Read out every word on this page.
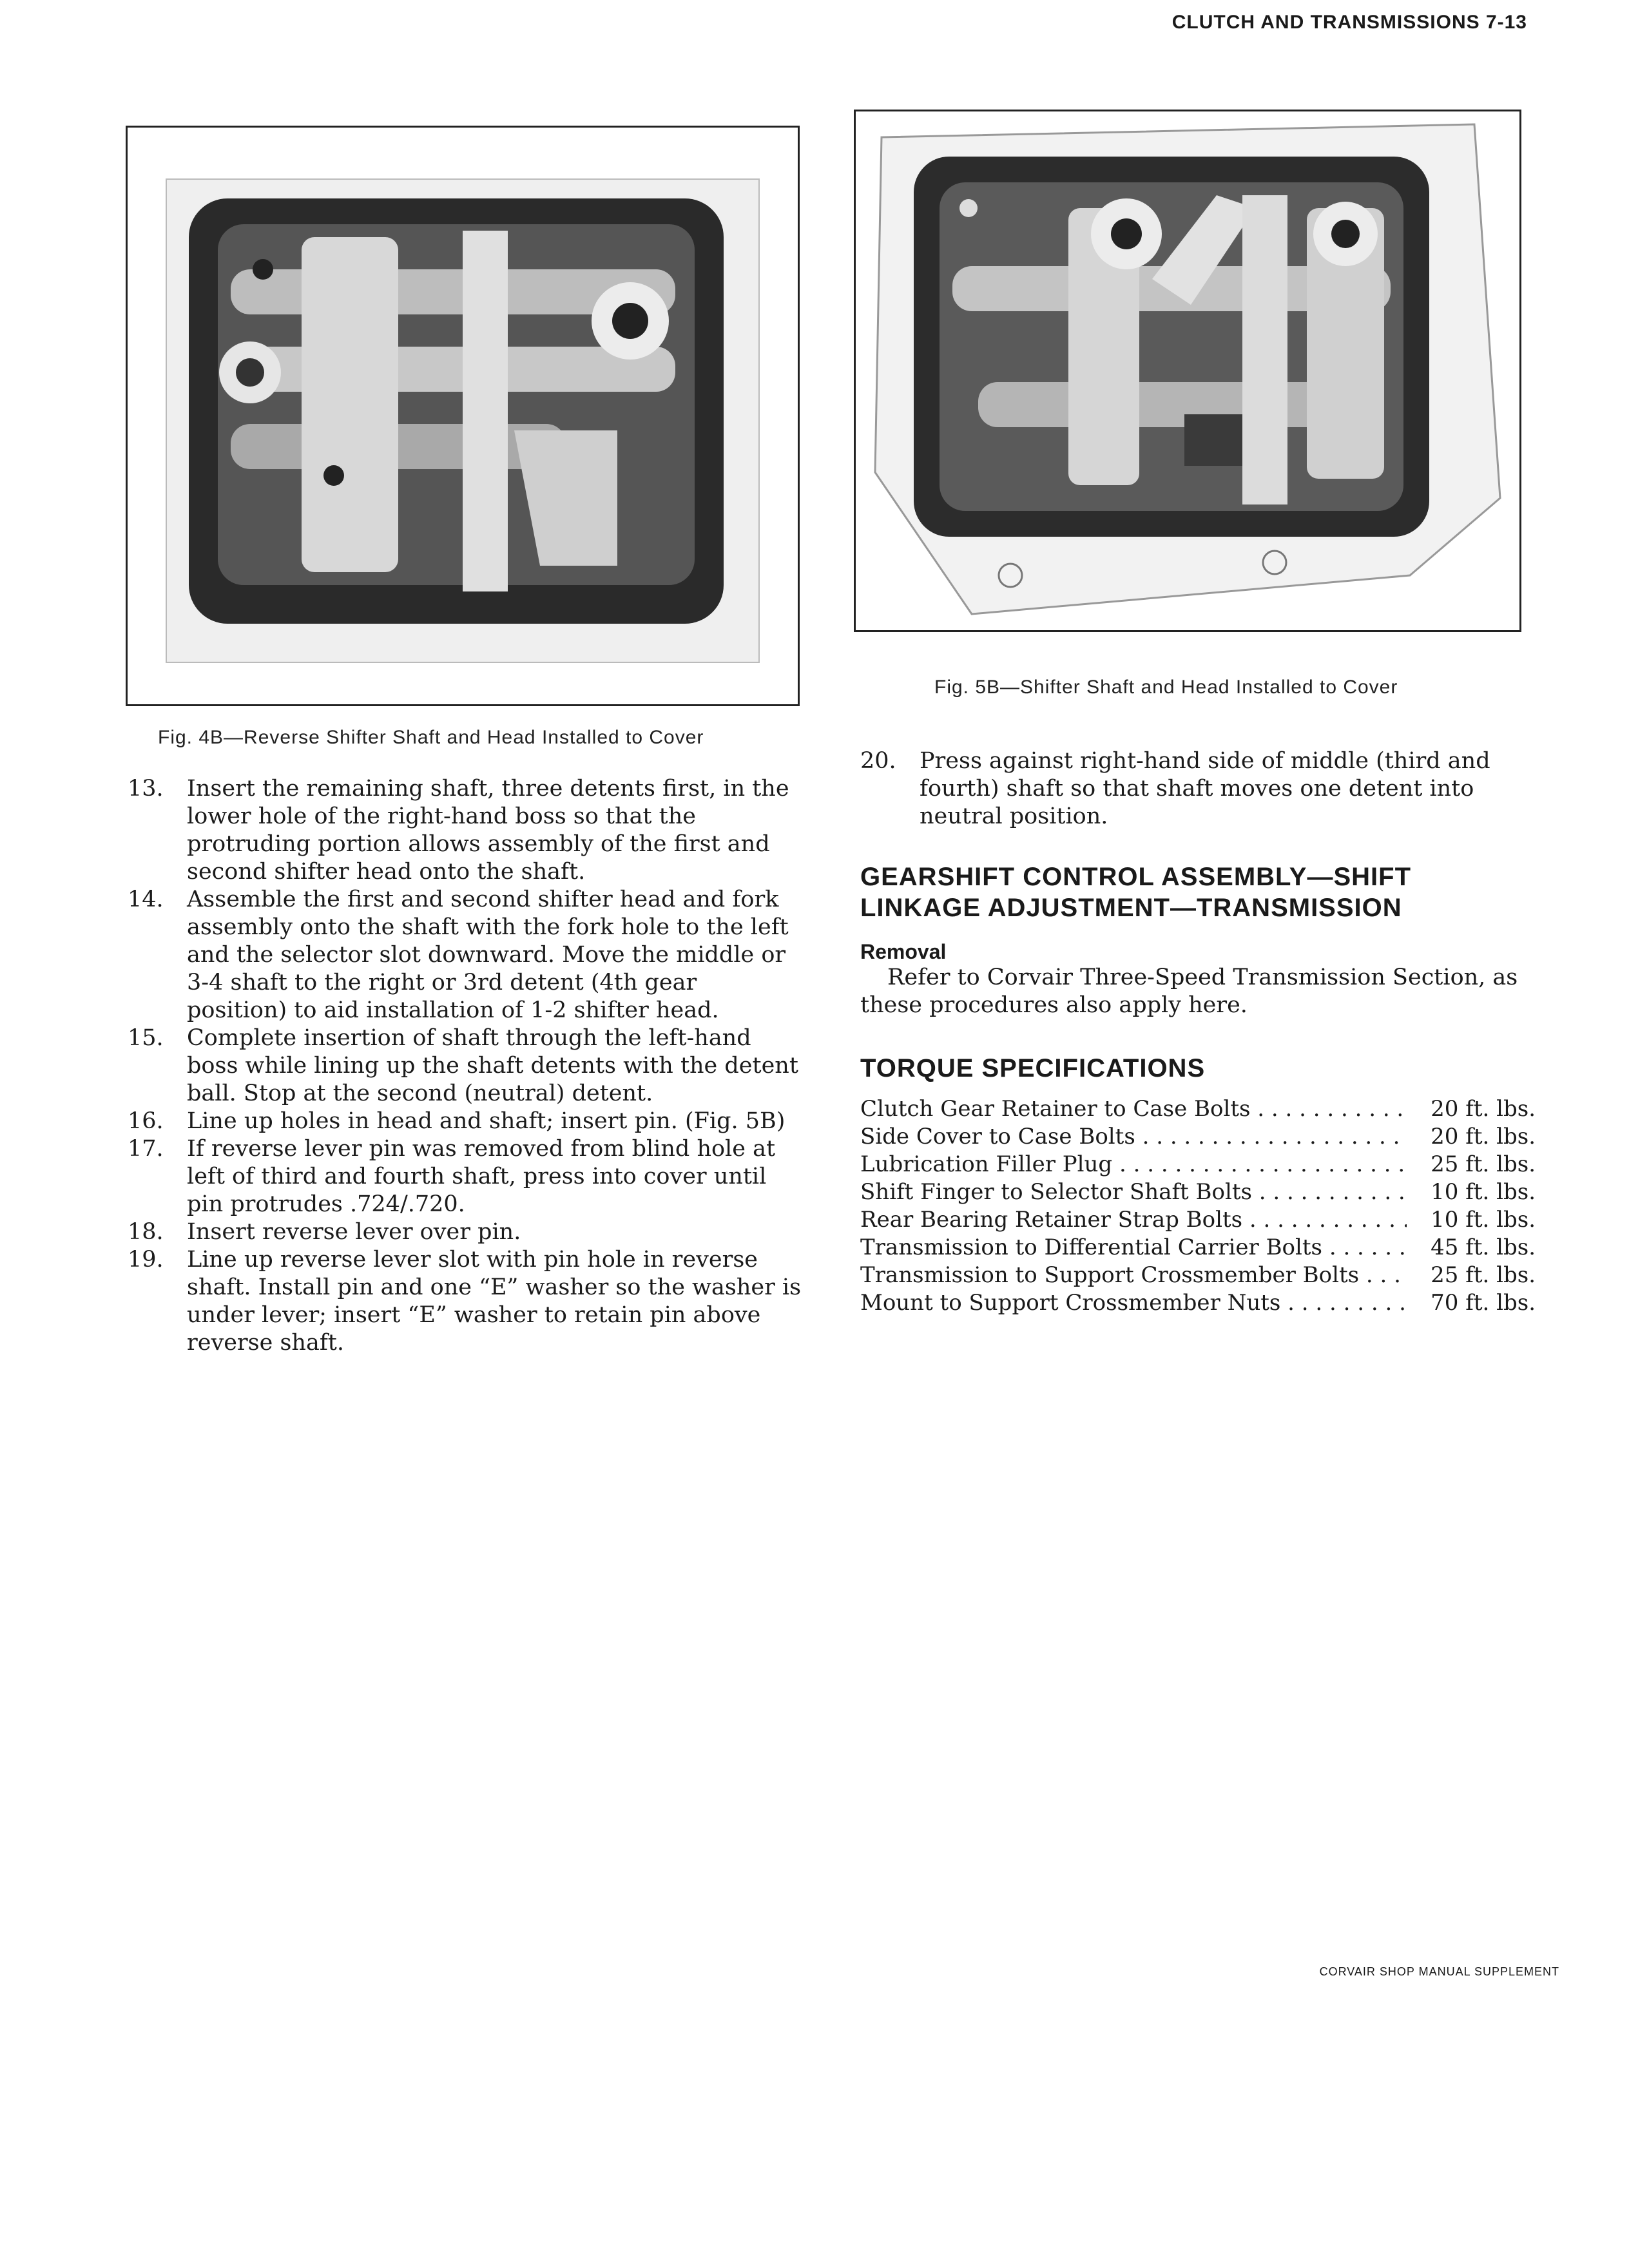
CLUTCH AND TRANSMISSIONS 7-13
Fig. 4B—Reverse Shifter Shaft and Head Installed to Cover
Fig. 5B—Shifter Shaft and Head Installed to Cover
13. Insert the remaining shaft, three detents first, in the lower hole of the right-hand boss so that the protruding portion allows assembly of the first and second shifter head onto the shaft.
14. Assemble the first and second shifter head and fork assembly onto the shaft with the fork hole to the left and the selector slot downward. Move the middle or 3-4 shaft to the right or 3rd detent (4th gear position) to aid installation of 1-2 shifter head.
15. Complete insertion of shaft through the left-hand boss while lining up the shaft detents with the detent ball. Stop at the second (neutral) detent.
16. Line up holes in head and shaft; insert pin. (Fig. 5B)
17. If reverse lever pin was removed from blind hole at left of third and fourth shaft, press into cover until pin protrudes .724/.720.
18. Insert reverse lever over pin.
19. Line up reverse lever slot with pin hole in reverse shaft. Install pin and one “E” washer so the washer is under lever; insert “E” washer to retain pin above reverse shaft.
20. Press against right-hand side of middle (third and fourth) shaft so that shaft moves one detent into neutral position.
GEARSHIFT CONTROL ASSEMBLY—SHIFT LINKAGE ADJUSTMENT—TRANSMISSION
Removal
Refer to Corvair Three-Speed Transmission Section, as these procedures also apply here.
TORQUE SPECIFICATIONS
Clutch Gear Retainer to Case Bolts . . .	20 ft. lbs.
Side Cover to Case Bolts . . .	20 ft. lbs.
Lubrication Filler Plug . . .	25 ft. lbs.
Shift Finger to Selector Shaft Bolts . . .	10 ft. lbs.
Rear Bearing Retainer Strap Bolts . . .	10 ft. lbs.
Transmission to Differential Carrier Bolts . . .	45 ft. lbs.
Transmission to Support Crossmember Bolts . . .	25 ft. lbs.
Mount to Support Crossmember Nuts . . .	70 ft. lbs.
CORVAIR SHOP MANUAL SUPPLEMENT
